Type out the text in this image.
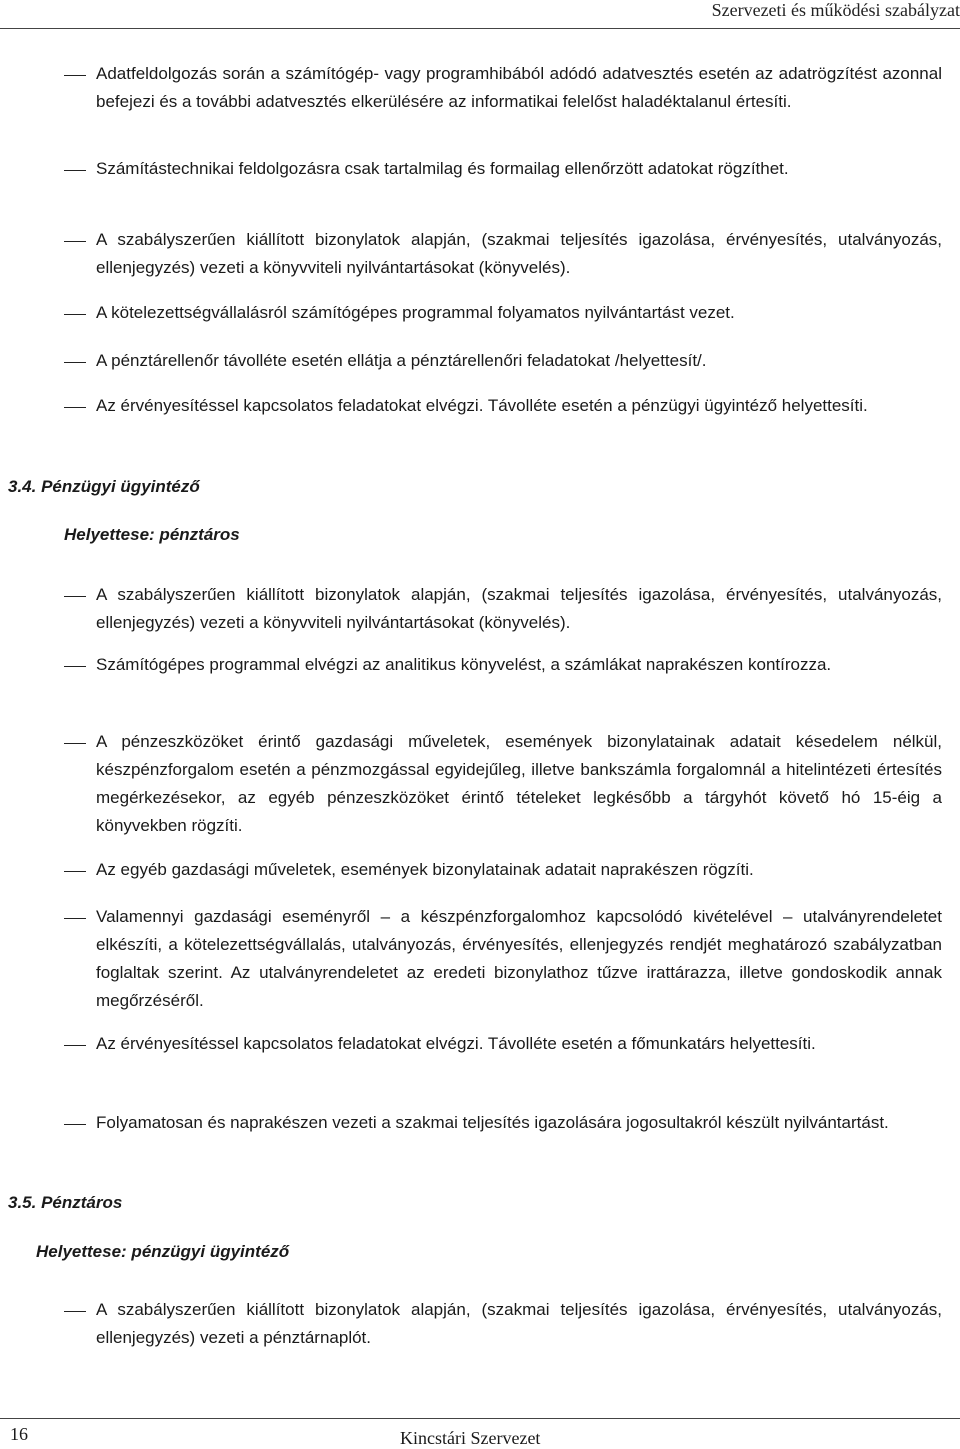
Szervezeti és működési szabályzat

Adatfeldolgozás során a számítógép- vagy programhibából adódó adatvesztés esetén az adatrögzítést azonnal befejezi és a további adatvesztés elkerülésére az informatikai felelőst haladéktalanul értesíti.

Számítástechnikai feldolgozásra csak tartalmilag és formailag ellenőrzött adatokat rögzíthet.

A szabályszerűen kiállított bizonylatok alapján, (szakmai teljesítés igazolása, érvényesítés, utalványozás, ellenjegyzés) vezeti a könyvviteli nyilvántartásokat (könyvelés).

A kötelezettségvállalásról számítógépes programmal folyamatos nyilvántartást vezet.

A pénztárellenőr távolléte esetén ellátja a pénztárellenőri feladatokat /helyettesít/.

Az érvényesítéssel kapcsolatos feladatokat elvégzi. Távolléte esetén a pénzügyi ügyintéző helyettesíti.

3.4. Pénzügyi ügyintéző
Helyettese: pénztáros

A szabályszerűen kiállított bizonylatok alapján, (szakmai teljesítés igazolása, érvényesítés, utalványozás, ellenjegyzés) vezeti a könyvviteli nyilvántartásokat (könyvelés).

Számítógépes programmal elvégzi az analitikus könyvelést, a számlákat naprakészen kontírozza.

A pénzeszközöket érintő gazdasági műveletek, események bizonylatainak adatait késedelem nélkül, készpénzforgalom esetén a pénzmozgással egyidejűleg, illetve bankszámla forgalomnál a hitelintézeti értesítés megérkezésekor, az egyéb pénzeszközöket érintő tételeket legkésőbb a tárgyhót követő hó 15-éig a könyvekben rögzíti.

Az egyéb gazdasági műveletek, események bizonylatainak adatait naprakészen rögzíti.

Valamennyi gazdasági eseményről – a készpénzforgalomhoz kapcsolódó kivételével – utalványrendeletet elkészíti, a kötelezettségvállalás, utalványozás, érvényesítés, ellenjegyzés rendjét meghatározó szabályzatban foglaltak szerint. Az utalványrendeletet az eredeti bizonylathoz tűzve irattárazza, illetve gondoskodik annak megőrzéséről.

Az érvényesítéssel kapcsolatos feladatokat elvégzi. Távolléte esetén a főmunkatárs helyettesíti.

Folyamatosan és naprakészen vezeti a szakmai teljesítés igazolására jogosultakról készült nyilvántartást.

3.5. Pénztáros
Helyettese: pénzügyi ügyintéző

A szabályszerűen kiállított bizonylatok alapján, (szakmai teljesítés igazolása, érvényesítés, utalványozás, ellenjegyzés) vezeti a pénztárnaplót.

16	Kincstári Szervezet
